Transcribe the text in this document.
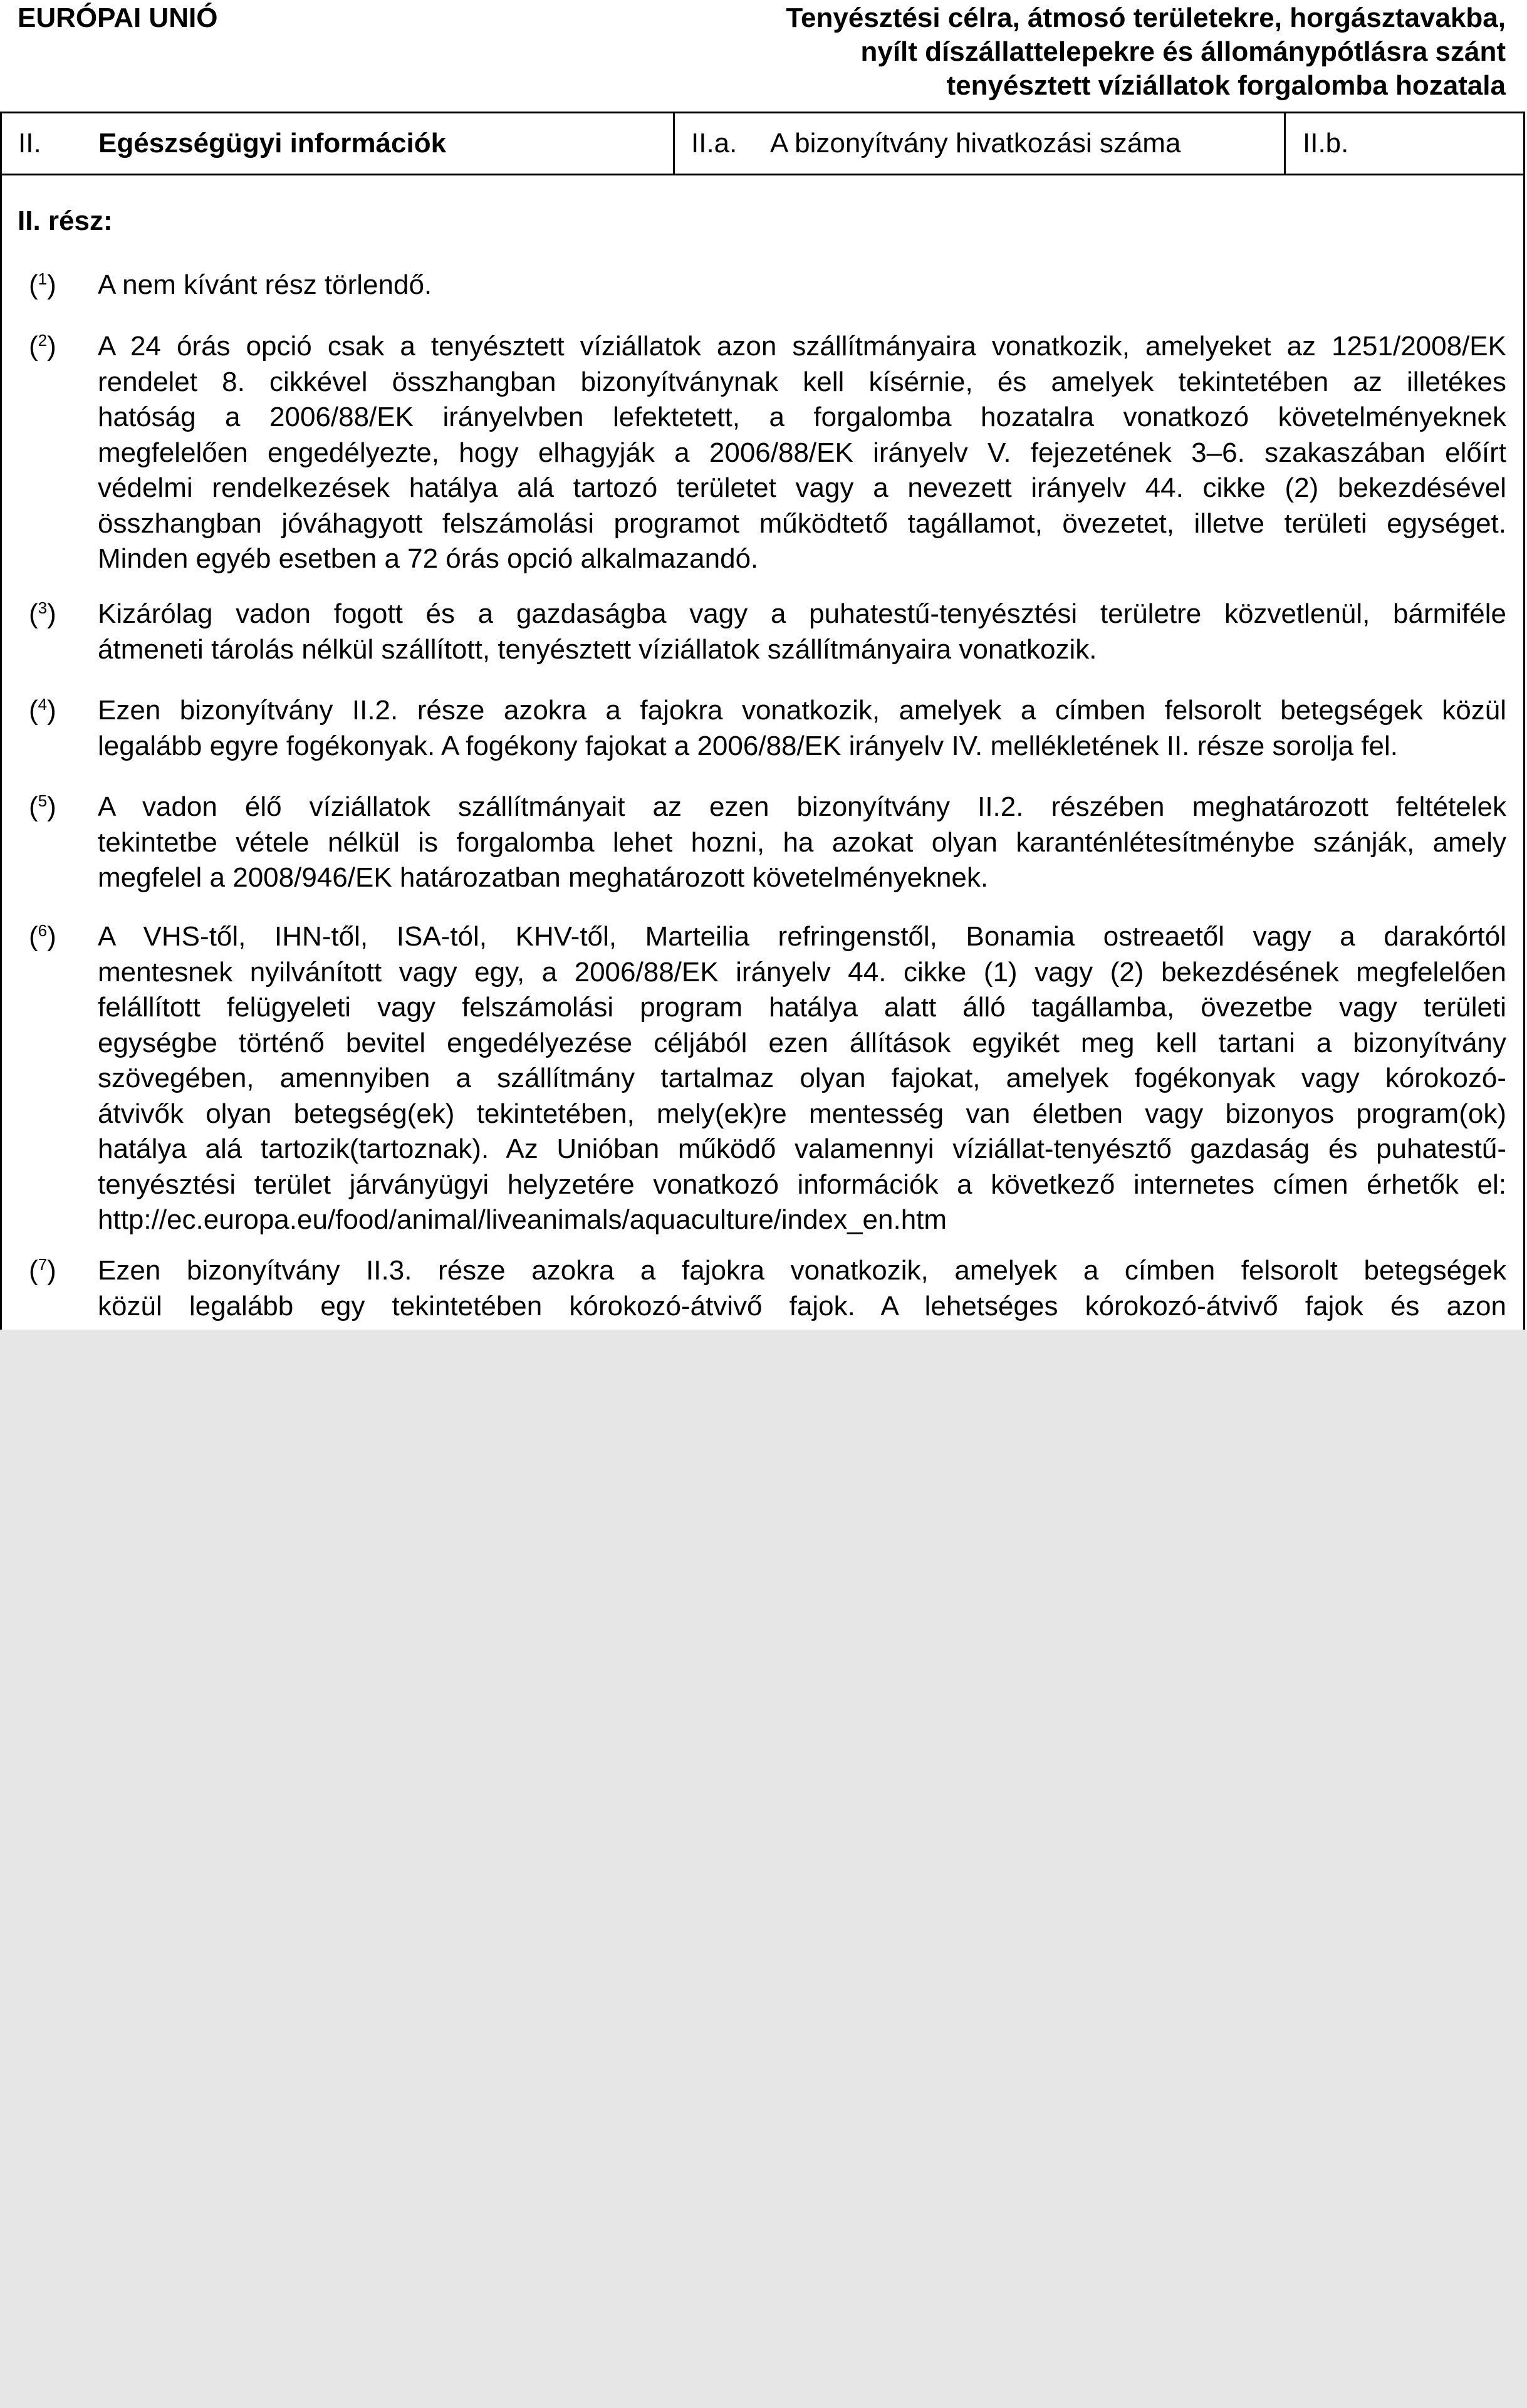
EURÓPAI UNIÓ	Tenyésztési célra, átmosó területekre, horgásztavakba,
nyílt díszállattelepekre és állománypótlásra szánt
tenyésztett víziállatok forgalomba hozatala
II. Egészségügyi információk	II.a. A bizonyítvány hivatkozási száma	II.b.
II. rész:
($^1$) A nem kívánt rész törlendő.
($^2$) A 24 órás opció csak a tenyésztett víziállatok azon szállítmányaira vonatkozik, amelyeket az 1251/2008/EK
rendelet 8. cikkével összhangban bizonyítványnak kell kísérnie, és amelyek tekintetében az illetékes
hatóság a 2006/88/EK irányelvben lefektetett, a forgalomba hozatalra vonatkozó követelményeknek
megfelelően engedélyezte, hogy elhagyják a 2006/88/EK irányelv V. fejezetének 3–6. szakaszában előírt
védelmi rendelkezések hatálya alá tartozó területet vagy a nevezett irányelv 44. cikke (2) bekezdésével
összhangban jóváhagyott felszámolási programot működtető tagállamot, övezetet, illetve területi egységet.
Minden egyéb esetben a 72 órás opció alkalmazandó.
($^3$) Kizárólag vadon fogott és a gazdaságba vagy a puhatestű-tenyésztési területre közvetlenül, bármiféle
átmeneti tárolás nélkül szállított, tenyésztett víziállatok szállítmányaira vonatkozik.
($^4$) Ezen bizonyítvány II.2. része azokra a fajokra vonatkozik, amelyek a címben felsorolt betegségek közül
legalább egyre fogékonyak. A fogékony fajokat a 2006/88/EK irányelv IV. mellékletének II. része sorolja fel.
($^5$) A vadon élő víziállatok szállítmányait az ezen bizonyítvány II.2. részében meghatározott feltételek
tekintetbe vétele nélkül is forgalomba lehet hozni, ha azokat olyan karanténlétesítménybe szánják, amely
megfelel a 2008/946/EK határozatban meghatározott követelményeknek.
($^6$) A VHS-től, IHN-től, ISA-tól, KHV-től, Marteilia refringenstől, Bonamia ostreaetől vagy a darakórtól
mentesnek nyilvánított vagy egy, a 2006/88/EK irányelv 44. cikke (1) vagy (2) bekezdésének megfelelően
felállított felügyeleti vagy felszámolási program hatálya alatt álló tagállamba, övezetbe vagy területi
egységbe történő bevitel engedélyezése céljából ezen állítások egyikét meg kell tartani a bizonyítvány
szövegében, amennyiben a szállítmány tartalmaz olyan fajokat, amelyek fogékonyak vagy kórokozó-
átvivők olyan betegség(ek) tekintetében, mely(ek)re mentesség van életben vagy bizonyos program(ok)
hatálya alá tartozik(tartoznak). Az Unióban működő valamennyi víziállat-tenyésztő gazdaság és puhatestű-
tenyésztési terület járványügyi helyzetére vonatkozó információk a következő internetes címen érhetők el:
http://ec.europa.eu/food/animal/liveanimals/aquaculture/index_en.htm
($^7$) Ezen bizonyítvány II.3. része azokra a fajokra vonatkozik, amelyek a címben felsorolt betegségek
közül legalább egy tekintetében kórokozó-átvivő fajok. A lehetséges kórokozó-átvivő fajok és azon
